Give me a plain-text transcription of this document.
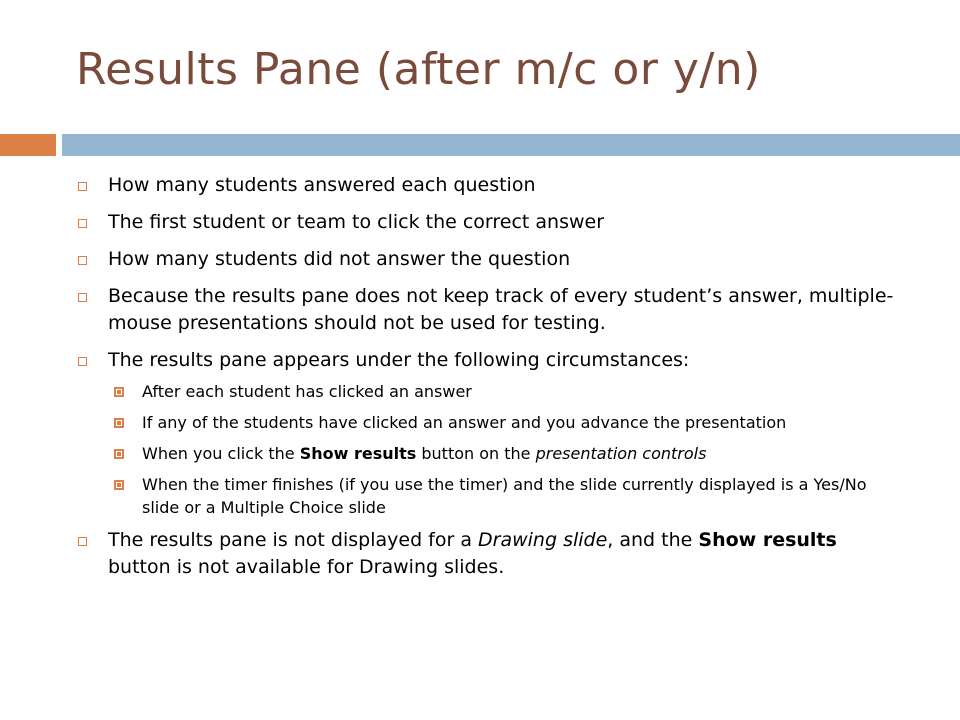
Results Pane (after m/c or y/n)
How many students answered each question
The first student or team to click the correct answer
How many students did not answer the question
Because the results pane does not keep track of every student’s answer, multiple-mouse presentations should not be used for testing.
The results pane appears under the following circumstances:
After each student has clicked an answer
If any of the students have clicked an answer and you advance the presentation
When you click the Show results button on the presentation controls
When the timer finishes (if you use the timer) and the slide currently displayed is a Yes/No slide or a Multiple Choice slide
The results pane is not displayed for a Drawing slide, and the Show results button is not available for Drawing slides.
